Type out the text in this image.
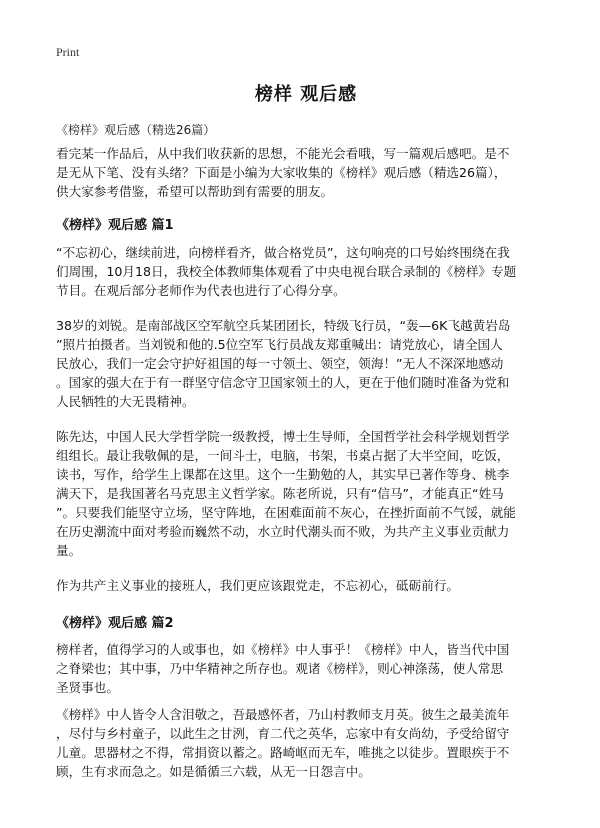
Print
榜样 观后感
《榜样》观后感（精选26篇）
看完某一作品后，从中我们收获新的思想，不能光会看哦，写一篇观后感吧。是不
是无从下笔、没有头绪？下面是小编为大家收集的《榜样》观后感（精选26篇），
供大家参考借鉴，希望可以帮助到有需要的朋友。
《榜样》观后感 篇1
“不忘初心，继续前进，向榜样看齐，做合格党员”，这句响亮的口号始终围绕在我
们周围，10月18日，我校全体教师集体观看了中央电视台联合录制的《榜样》专题
节目。在观后部分老师作为代表也进行了心得分享。
38岁的刘锐。是南部战区空军航空兵某团团长，特级飞行员，“轰—6K飞越黄岩岛
”照片拍摄者。当刘锐和他的.5位空军飞行员战友郑重喊出：请党放心，请全国人
民放心，我们一定会守护好祖国的每一寸领土、领空，领海！”无人不深深地感动
。国家的强大在于有一群坚守信念守卫国家领土的人，更在于他们随时准备为党和
人民牺牲的大无畏精神。
陈先达，中国人民大学哲学院一级教授，博士生导师，全国哲学社会科学规划哲学
组组长。最让我敬佩的是，一间斗士，电脑，书架，书桌占据了大半空间，吃饭，
读书，写作，给学生上课都在这里。这个一生勤勉的人，其实早已著作等身、桃李
满天下，是我国著名马克思主义哲学家。陈老所说，只有“信马”，才能真正“姓马
”。只要我们能坚守立场，坚守阵地，在困难面前不灰心，在挫折面前不气馁，就能
在历史潮流中面对考验而巍然不动，水立时代潮头而不败，为共产主义事业贡献力
量。
作为共产主义事业的接班人，我们更应该跟党走，不忘初心，砥砺前行。
《榜样》观后感 篇2
榜样者，值得学习的人或事也，如《榜样》中人事乎！《榜样》中人，皆当代中国
之脊梁也；其中事，乃中华精神之所存也。观诸《榜样》，则心神涤荡，使人常思
圣贤事也。
《榜样》中人皆令人含泪敬之，吾最感怀者，乃山村教师支月英。彼生之最美流年
，尽付与乡村童子，以此生之甘洌，育二代之英华，忘家中有女尚幼，予受给留守
儿童。思器材之不得，常捐资以蓄之。路崎岖而无车，唯挑之以徒步。置眼疾于不
顾，生有求而急之。如是循循三六载，从无一日怨言中。
